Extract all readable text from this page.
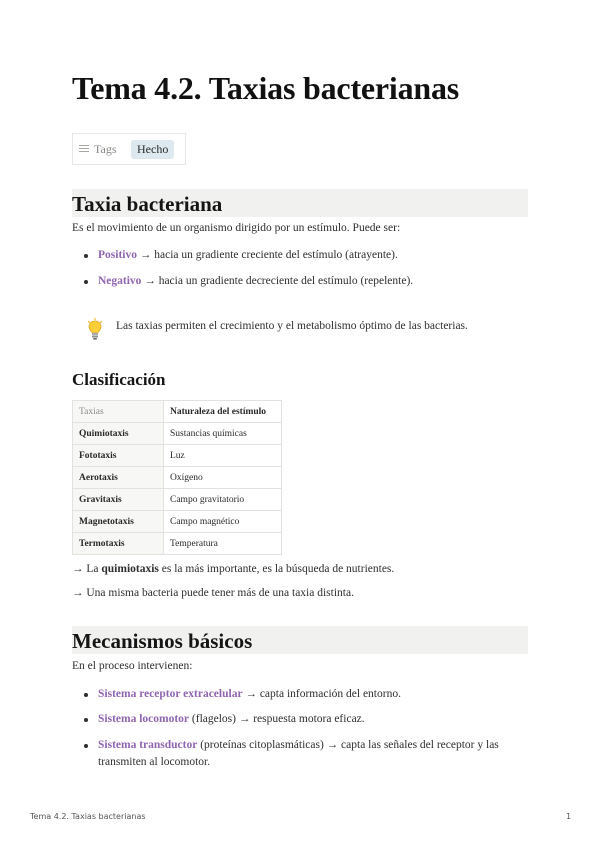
Tema 4.2. Taxias bacterianas
Tags	Hecho
Taxia bacteriana

Es el movimiento de un organismo dirigido por un estímulo. Puede ser:

Positivo → hacia un gradiente creciente del estímulo (atrayente).
Negativo → hacia un gradiente decreciente del estímulo (repelente).
Las taxias permiten el crecimiento y el metabolismo óptimo de las bacterias.
Clasificación
Taxias	Naturaleza del estímulo
Quimiotaxis	Sustancias químicas
Fototaxis	Luz
Aerotaxis	Oxígeno
Gravitaxis	Campo gravitatorio
Magnetotaxis	Campo magnético
Termotaxis	Temperatura

→ La quimiotaxis es la más importante, es la búsqueda de nutrientes.

→ Una misma bacteria puede tener más de una taxia distinta.

Mecanismos básicos

En el proceso intervienen:

Sistema receptor extracelular → capta información del entorno.
Sistema locomotor (flagelos) → respuesta motora eficaz.
Sistema transductor (proteínas citoplasmáticas) → capta las señales del receptor y las transmiten al locomotor.
Tema 4.2. Taxias bacterianas	1
